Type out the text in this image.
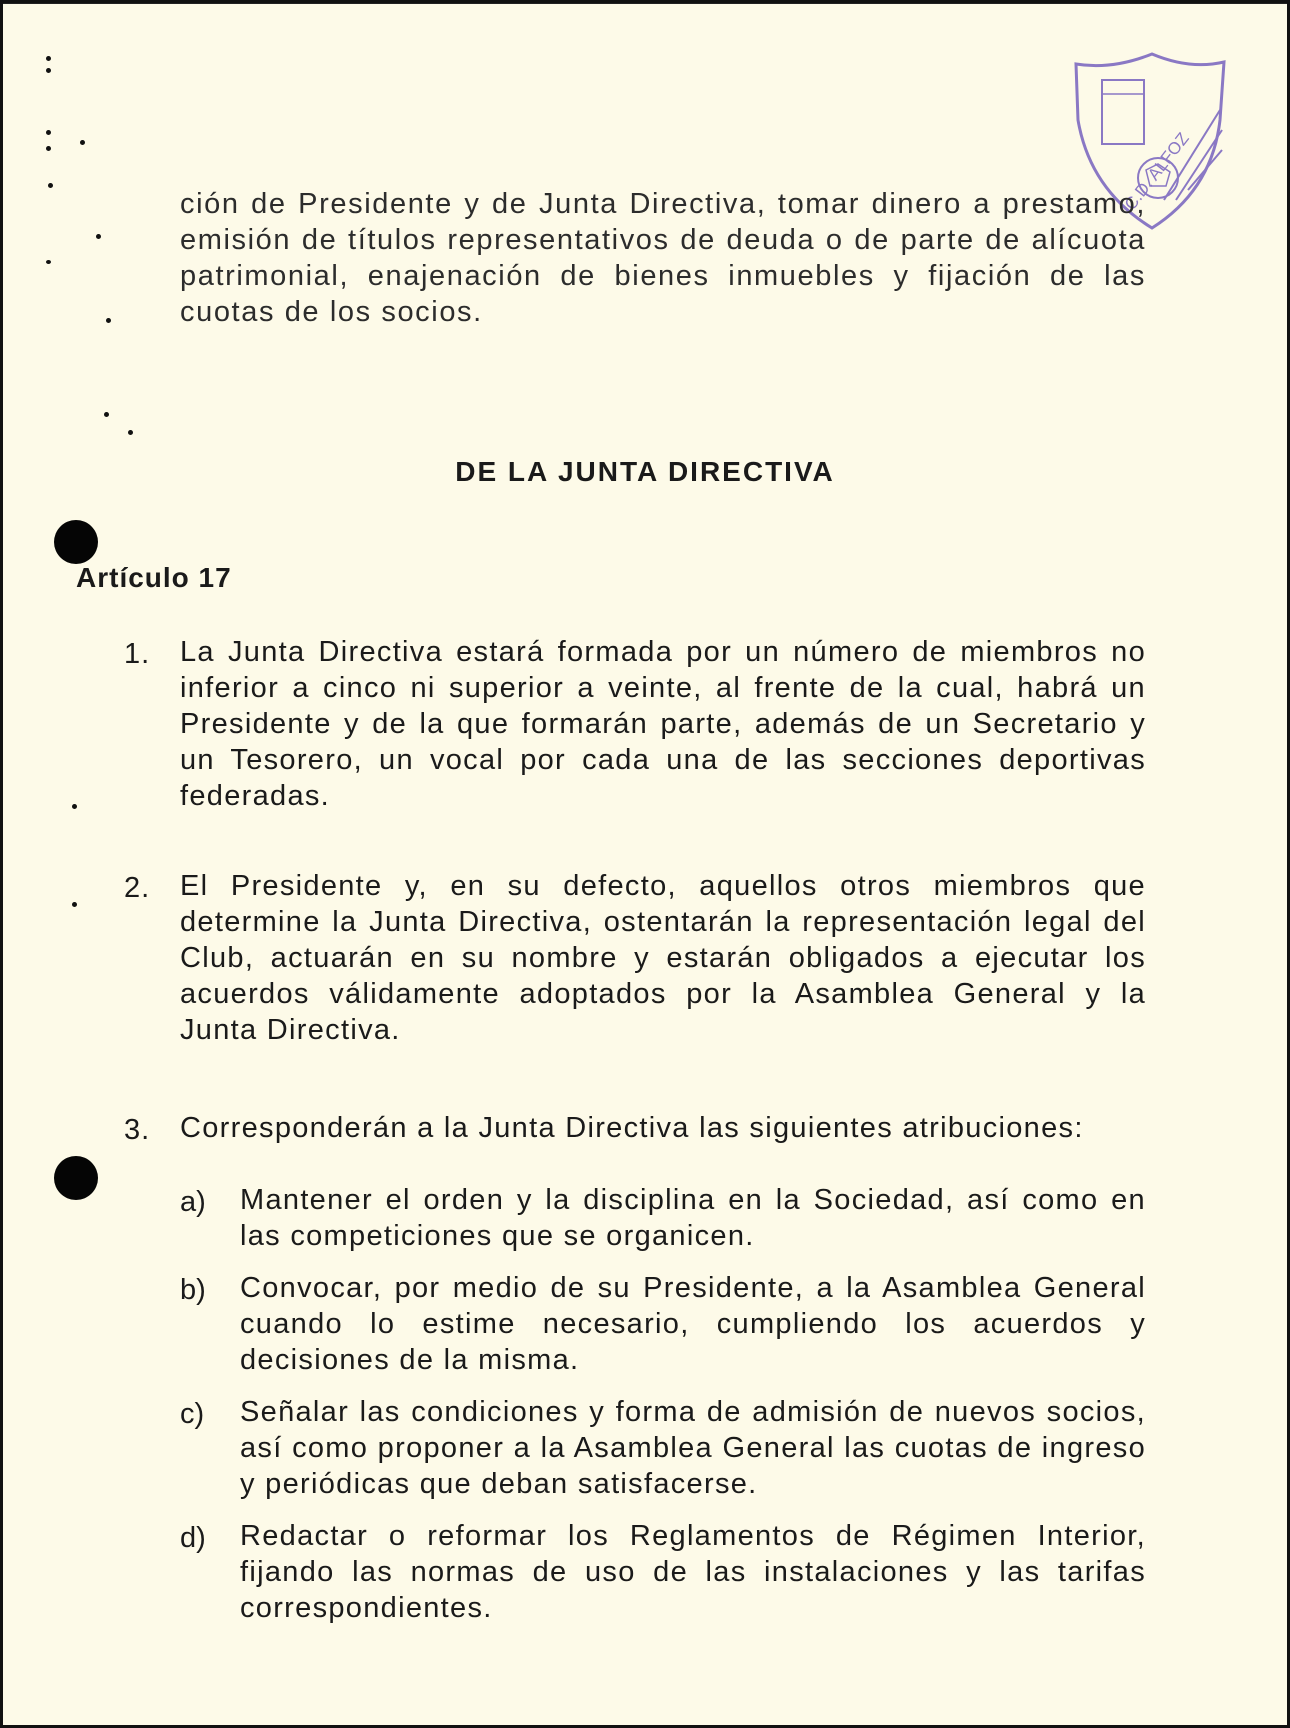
C.D. ALFOZ
ción de Presidente y de Junta Directiva, tomar dinero a prestamo, emisión de títulos representativos de deuda o de parte de alícuota patrimonial, enajenación de bienes inmuebles y fijación de las cuotas de los socios.
DE LA JUNTA DIRECTIVA
Artículo 17
1. La Junta Directiva estará formada por un número de miembros no inferior a cinco ni superior a veinte, al frente de la cual, habrá un Presidente y de la que formarán parte, además de un Secretario y un Tesorero, un vocal por cada una de las secciones deportivas federadas.
2. El Presidente y, en su defecto, aquellos otros miembros que determine la Junta Directiva, ostentarán la representación legal del Club, actuarán en su nombre y estarán obligados a ejecutar los acuerdos válidamente adoptados por la Asamblea General y la Junta Directiva.
3. Corresponderán a la Junta Directiva las siguientes atribuciones:
a) Mantener el orden y la disciplina en la Sociedad, así como en las competiciones que se organicen.
b) Convocar, por medio de su Presidente, a la Asamblea General cuando lo estime necesario, cumpliendo los acuerdos y decisiones de la misma.
c) Señalar las condiciones y forma de admisión de nuevos socios, así como proponer a la Asamblea General las cuotas de ingreso y periódicas que deban satisfacerse.
d) Redactar o reformar los Reglamentos de Régimen Interior, fijando las normas de uso de las instalaciones y las tarifas correspondientes.
